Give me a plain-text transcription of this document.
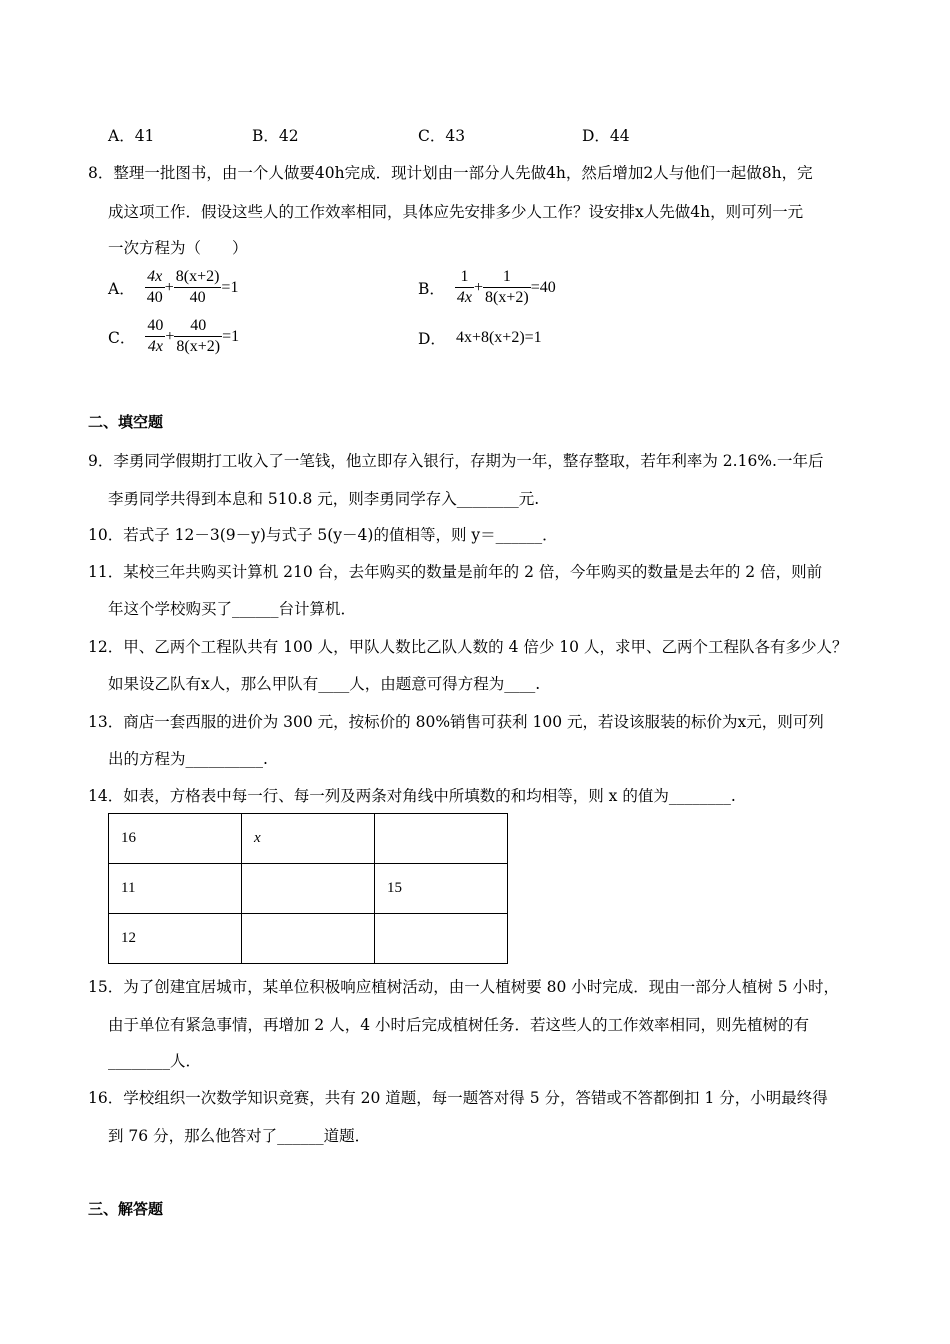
A．41	B．42	C．43	D．44
8．整理一批图书，由一个人做要40h完成．现计划由一部分人先做4h，然后增加2人与他们一起做8h，完
成这项工作．假设这些人的工作效率相同，具体应先安排多少人工作？设安排x人先做4h，则可列一元
一次方程为（　　）
A． $\frac{4x}{40} + \frac{8(x+2)}{40} =1$	B． $\frac{1}{4x} + \frac{1}{8(x+2)} =40$
C． $\frac{40}{4x} + \frac{40}{8(x+2)} =1$	D． 4x+8(x+2)=1
二、填空题
9．李勇同学假期打工收入了一笔钱，他立即存入银行，存期为一年，整存整取，若年利率为 2.16%.一年后
李勇同学共得到本息和 510.8 元，则李勇同学存入________元.
10．若式子 12－3(9－y)与式子 5(y－4)的值相等，则 y＝______．
11．某校三年共购买计算机 210 台，去年购买的数量是前年的 2 倍，今年购买的数量是去年的 2 倍，则前
年这个学校购买了______台计算机．
12．甲、乙两个工程队共有 100 人，甲队人数比乙队人数的 4 倍少 10 人，求甲、乙两个工程队各有多少人？
如果设乙队有x人，那么甲队有____人，由题意可得方程为____.
13．商店一套西服的进价为 300 元，按标价的 80%销售可获利 100 元，若设该服装的标价为x元，则可列
出的方程为__________.
14．如表，方格表中每一行、每一列及两条对角线中所填数的和均相等，则 x 的值为________.
16	x	
11		15
12		
15．为了创建宜居城市，某单位积极响应植树活动，由一人植树要 80 小时完成．现由一部分人植树 5 小时，
由于单位有紧急事情，再增加 2 人，4 小时后完成植树任务．若这些人的工作效率相同，则先植树的有
________人．
16．学校组织一次数学知识竞赛，共有 20 道题，每一题答对得 5 分，答错或不答都倒扣 1 分，小明最终得
到 76 分，那么他答对了______道题．
三、解答题
